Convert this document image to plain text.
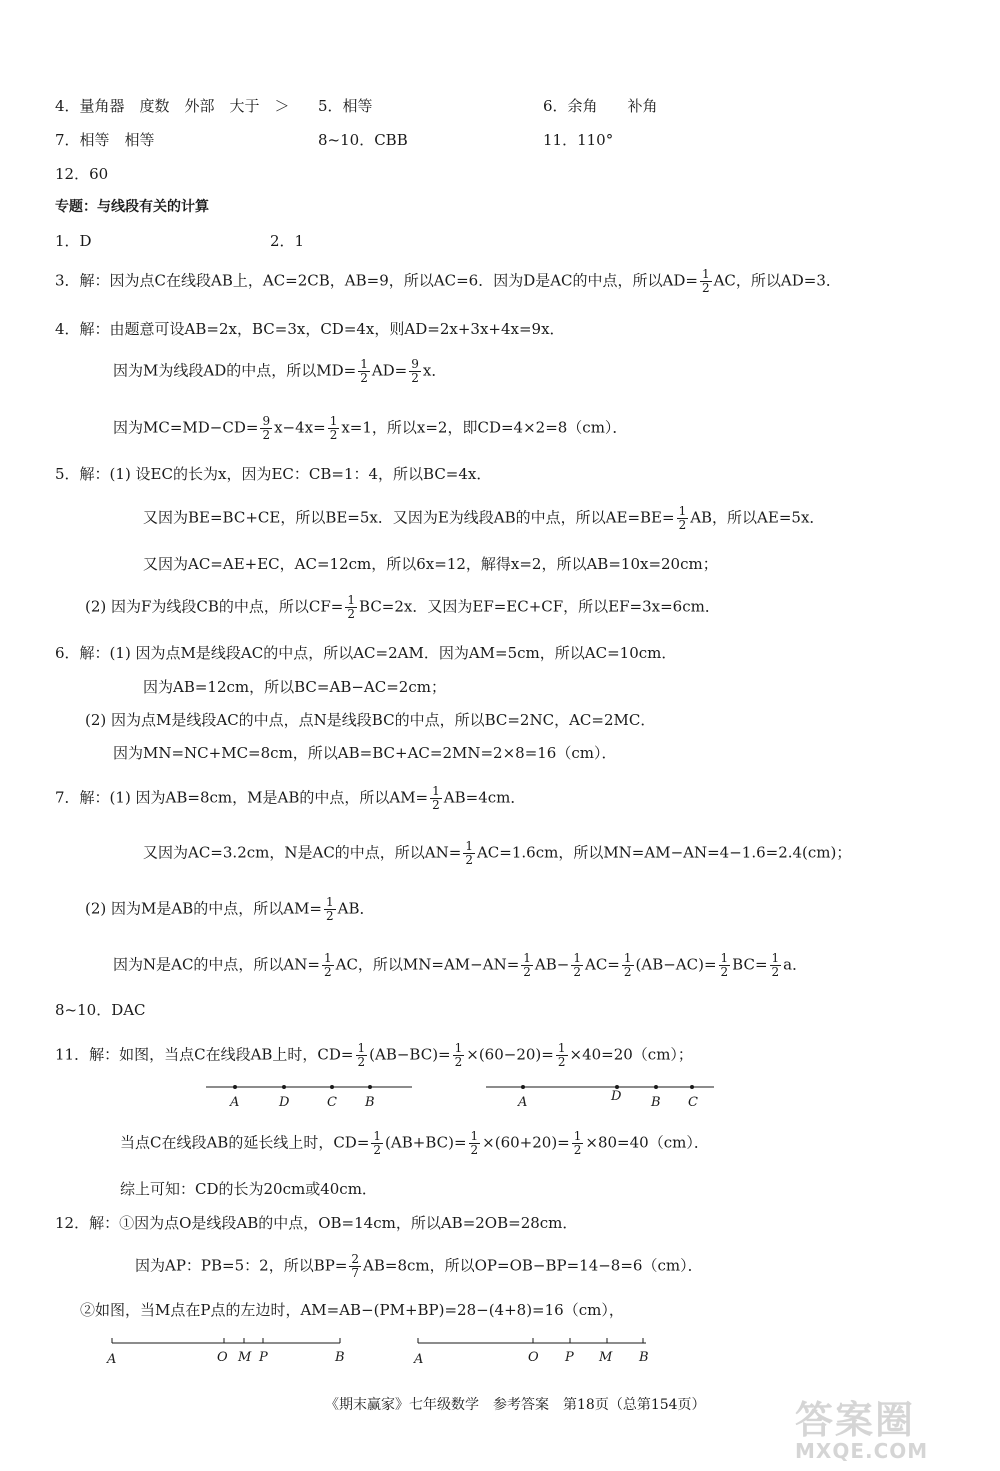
4．量角器　度数　外部　大于　＞ 5．相等	6．余角　　补角
7．相等　相等	8~10．CBB	11．110°
12．60
专题：与线段有关的计算
1．D	2．1
3．解：因为点C在线段AB上，AC=2CB，AB=9，所以AC=6．因为D是AC的中点，所以$AD= \frac{1}{2}$ AC，所以AD=3．
4．解：由题意可设AB=2x，BC=3x，CD=4x，则AD=2x+3x+4x=9x．
因为M为线段AD的中点，所以$MD= \frac{1}{2} AD= \frac{9}{2}$ x．
因为$MC=MD-CD= \frac{9}{2} x-4x= \frac{1}{2} x=1$，所以x=2，即CD=4×2=8（cm）．
5．解：(1) 设EC的长为x，因为EC：CB=1：4，所以BC=4x．
又因为BE=BC+CE，所以BE=5x．又因为E为线段AB的中点，所以$AE=BE= \frac{1}{2}$ AB，所以AE=5x．
又因为AC=AE+EC，AC=12cm，所以6x=12，解得x=2，所以AB=10x=20cm；
(2) 因为F为线段CB的中点，所以$CF= \frac{1}{2} BC=2x$．又因为EF=EC+CF，所以EF=3x=6cm．
6．解：(1) 因为点M是线段AC的中点，所以AC=2AM．因为AM=5cm，所以AC=10cm．
因为AB=12cm，所以BC=AB−AC=2cm；
(2) 因为点M是线段AC的中点，点N是线段BC的中点，所以BC=2NC，AC=2MC．
因为MN=NC+MC=8cm，所以AB=BC+AC=2MN=2×8=16（cm）．
7．解：(1) 因为AB=8cm，M是AB的中点，所以$AM= \frac{1}{2} AB=4cm$．
又因为AC=3.2cm，N是AC的中点，所以$AN= \frac{1}{2} AC=1.6cm$，所以MN=AM−AN=4−1.6=2.4(cm)；
(2) 因为M是AB的中点，所以$AM= \frac{1}{2}$ AB．
因为N是AC的中点，所以$AN= \frac{1}{2}$ AC，所以$MN=AM-AN= \frac{1}{2} AB- \frac{1}{2} AC= \frac{1}{2} (AB-AC)= \frac{1}{2} BC= \frac{1}{2}$ a．
8~10．DAC
11．解：如图，当点C在线段AB上时，$CD= \frac{1}{2} (AB-BC)= \frac{1}{2} \times(60-20)= \frac{1}{2} \times 40=20(cm)$；
A	D	C B	A	D B C
当点C在线段AB的延长线上时，$CD= \frac{1}{2} (AB+BC)= \frac{1}{2} \times(60+20)= \frac{1}{2} \times 80=40(cm)$．
综上可知：CD的长为20cm或40cm．
12．解：①因为点O是线段AB的中点，OB=14cm，所以AB=2OB=28cm．
因为AP：PB=5：2，所以$BP= \frac{2}{7} AB=8cm$，所以OP=OB−BP=14−8=6（cm）．
②如图，当M点在P点的左边时，AM=AB−(PM+BP)=28−(4+8)=16（cm），
A	O M P	B	A	O P M B
《期末赢家》七年级数学　参考答案　第18页（总第154页） 答案圈
MXQE.COM
